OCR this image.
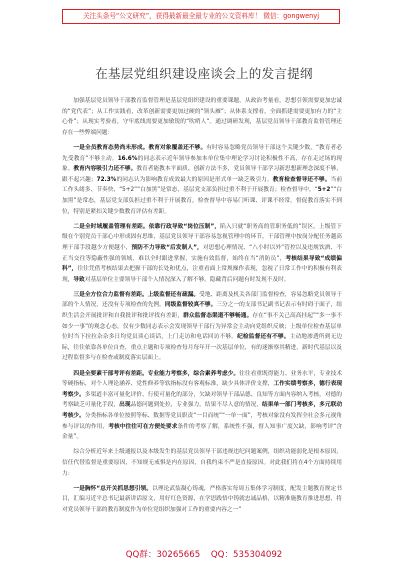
关注头条号“公文研究”，获得最新最全最专业的公文资料库！ 微信：gongwenyj
在基层党组织建设座谈会上的发言提纲

加强基层党员领导干部教育监督管理是基层党组织建设的重要课题，从政治考量看，思想引领需要更加忠诚的“党代表”；从工作实践看，改革创新需要更加过硬的“领头雁”；从体系支撑看，全面抓建需要更加有力的“主心骨”；从现实考验看，守牢底线需要更加敏锐的“吹哨人”。通过调研发现，基层党员领导干部教育监督管理还存在一些弊端问题：

一是全员教育态势尚未形成。教育对象覆盖还不够。有时容易忽略党员领导干部这个关键少数，“教育者必先受教育”不够主动。16.6%的同志表示近年领导参加本单位集中理论学习讨论积极性不高，存在走过场的现象。教育内容吸引力还不够。教育者能教本平面质、创新方法不多，党员领导干部学习新思想新理念深度不够，跟不起兴趣；72.3%的同志认为影响教育成效最大的原因是形式单一缺乏吸引力。教育检查督导还不够。当前工作头绪多、节奏快，“5+2”“白加黑”是常态，基层党支部负担过重不利于开展教育；检查督导中，“5+2”“白加黑”是常态，基层党支部负担过重不利于开展教育，检查督导中容易门听课、评课不经常，督促教育落实不到位，特别是紧扣关键少数教育评估有差距。

二是全时域履盖管理有差距。依靠行政导致“岗位压制”，陷入只就“职务高的管职务低的”误区，上级管下级在个别党员干部心中形成固有思维，基层党员领导干部容易忽视管理中的环节，干部管理中按岗分配任务越高理干部手段越少方便越小，预防不力导致“后发制人”，对思想心理情况、“八小时以外”管控以及违规饮酒、不正当交往等隐蔽性强的领域，难以全时跟进掌握，实施有效监督，始终在当“消防员”，考核结果导致“成绩偏科”，往往凭借考核结果去把握干部的长处和优点，注重看面上常规操作表现，忽视了日常工作中的积极有利表现，导致对基层单位主要领导干部个人情况深入了解不够，隐藏背后问题有时发现不及时。

三是全方位合力监督有差距。上级监督还有疏漏。受地、距离及机关各部门监督检查，容易忽略党员领导干部的个人情况，还没有专项检查的先例。同级监督较真不够。三分之一的支部书记副书记表示有时碍于面子，组织生活会开展批评和自我批评和批评找有差距，群众监督态渠道不够畅通。存在“事不关己高高挂起”“多一事不如少一事”的观念心态，仅有少数同志表示会发现领导干部行为异常会主动向党组织反映；上级单位检查基层单位时当下拉拉杂杂多日均党员谈心谈话，上门走访和电话回访不够。纪检监督还有不够。主动地渗透所到无边际，往往依靠各单位自查，重点主题和专项检查每月每年开一次基层单位，有的迷渐察其精进，新时代基层以及过程监督多与在检查或制度落实层面上。

四是全要素干部考评有差距。专业能力考察多，综合素养考虑少。往往看重既得能力、业务水平，专业技术等硬指标，对个人理论涵养、党性修养等软指标没有客观标准，缺少具体评价支撑，工作实绩考察多，德行表现考察少。多渠道丰富可量化评价、行使可量化的部分，欠缺对领导干部品德、良知等方面内容纳入考核，对德的考察缺乏可量化手段，出现品德问题到处拉，专业强力，结果不尽人意的情况，结果单一部门考核多，多元联动考核少。分类指标各单位按照等标、数据等党员职责“一目而统”“一单一面”，考核对象没有发挥全社会多元视角参与评议的作用，考核中往往可在方便处要求条件的考察了解，系统性不强，督人知事广度欠缺，影响考评“含金量”。

综合分析近年来上级通报以及本级发生的基层党员领导干部违规违纪问题案例，组织功能弱化是根本原因，信任代替监督是重要原因，不知规无戒惧是内在原因，自我约束不严是直接原因。对此我们将在4个方面持续用力：

一是胸怀“总开关抓思想引领。以理论武装凝心铸魂，严格落实每周五集体学习制度，配发主题教育规定书目，汇编习近平总书记最新讲话原文，用好红色资源，在学思践悟中铸就忠诚品格，以精准施教育推进思想，将对党员领导干部的教育制度作为单位党组织加强对工作的重要内容之一”

QQ群：30265665 QQ：535304092
